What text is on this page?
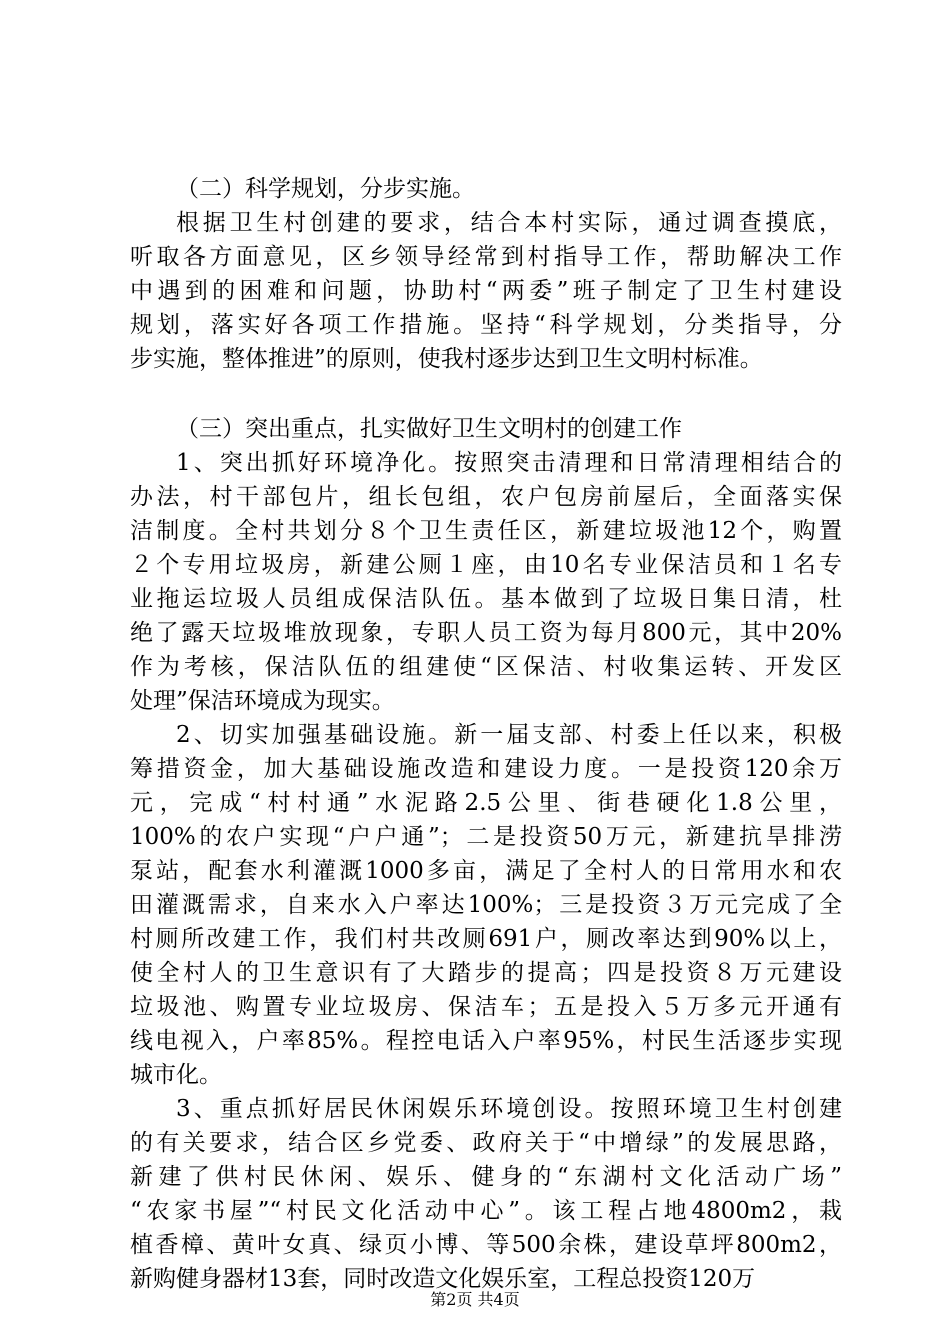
（二）科学规划，分步实施。
根据卫生村创建的要求，结合本村实际，通过调查摸底，
听取各方面意见，区乡领导经常到村指导工作，帮助解决工作
中遇到的困难和问题，协助村“两委”班子制定了卫生村建设
规划，落实好各项工作措施。坚持“科学规划，分类指导，分
步实施，整体推进”的原则，使我村逐步达到卫生文明村标准。
（三）突出重点，扎实做好卫生文明村的创建工作
1、突出抓好环境净化。按照突击清理和日常清理相结合的
办法，村干部包片，组长包组，农户包房前屋后，全面落实保
洁制度。全村共划分８个卫生责任区，新建垃圾池12个，购置
２个专用垃圾房，新建公厕１座，由10名专业保洁员和１名专
业拖运垃圾人员组成保洁队伍。基本做到了垃圾日集日清，杜
绝了露天垃圾堆放现象，专职人员工资为每月800元，其中20%
作为考核，保洁队伍的组建使“区保洁、村收集运转、开发区
处理”保洁环境成为现实。
2、切实加强基础设施。新一届支部、村委上任以来，积极
筹措资金，加大基础设施改造和建设力度。一是投资120余万
元，完成“村村通”水泥路2.5公里、街巷硬化1.8公里，
100%的农户实现“户户通”；二是投资50万元，新建抗旱排涝
泵站，配套水利灌溉1000多亩，满足了全村人的日常用水和农
田灌溉需求，自来水入户率达100%；三是投资３万元完成了全
村厕所改建工作，我们村共改厕691户，厕改率达到90%以上，
使全村人的卫生意识有了大踏步的提高；四是投资８万元建设
垃圾池、购置专业垃圾房、保洁车；五是投入５万多元开通有
线电视入，户率85%。程控电话入户率95%，村民生活逐步实现
城市化。
3、重点抓好居民休闲娱乐环境创设。按照环境卫生村创建
的有关要求，结合区乡党委、政府关于“中增绿”的发展思路，
新建了供村民休闲、娱乐、健身的“东湖村文化活动广场”
“农家书屋”“村民文化活动中心”。该工程占地4800m2，栽
植香樟、黄叶女真、绿页小博、等500余株，建设草坪800m2，
新购健身器材13套，同时改造文化娱乐室，工程总投资120万
第2页 共4页
